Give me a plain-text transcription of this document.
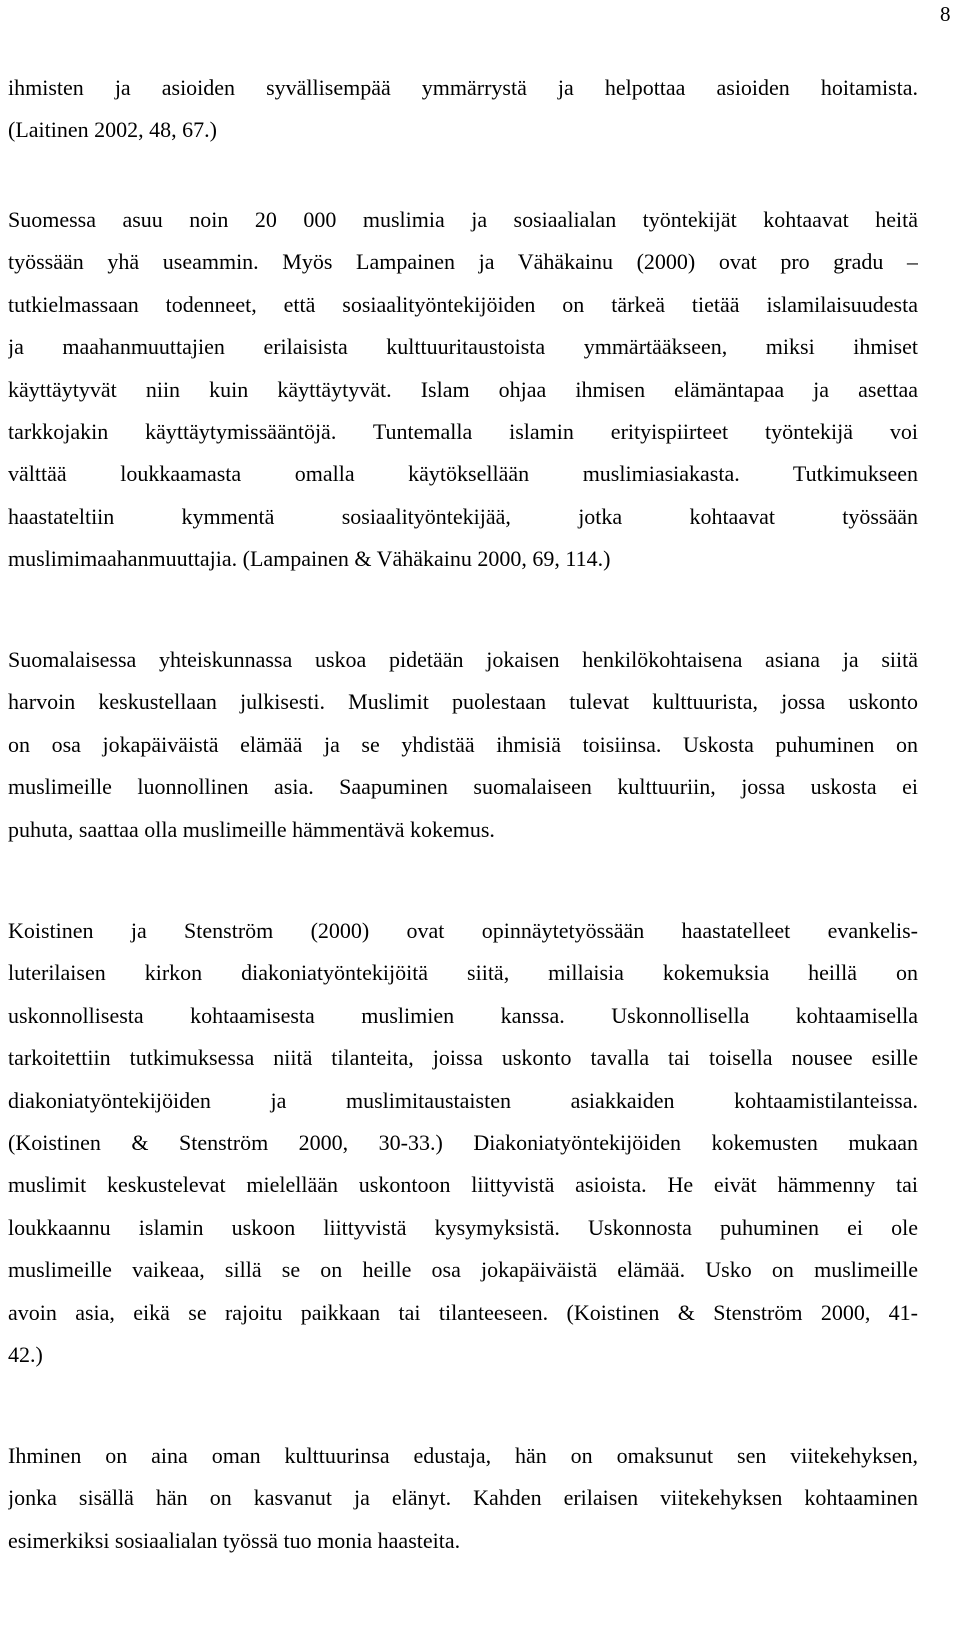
8
ihmisten ja asioiden syvällisempää ymmärrystä ja helpottaa asioiden hoitamista.
(Laitinen 2002, 48, 67.)
Suomessa asuu noin 20 000 muslimia ja sosiaalialan työntekijät kohtaavat heitä
työssään yhä useammin. Myös Lampainen ja Vähäkainu (2000) ovat pro gradu –
tutkielmassaan todenneet, että sosiaalityöntekijöiden on tärkeä tietää islamilaisuudesta
ja maahanmuuttajien erilaisista kulttuuritaustoista ymmärtääkseen, miksi ihmiset
käyttäytyvät niin kuin käyttäytyvät. Islam ohjaa ihmisen elämäntapaa ja asettaa
tarkkojakin käyttäytymissääntöjä. Tuntemalla islamin erityispiirteet työntekijä voi
välttää loukkaamasta omalla käytöksellään muslimiasiakasta. Tutkimukseen
haastateltiin kymmentä sosiaalityöntekijää, jotka kohtaavat työssään
muslimimaahanmuuttajia. (Lampainen & Vähäkainu 2000, 69, 114.)
Suomalaisessa yhteiskunnassa uskoa pidetään jokaisen henkilökohtaisena asiana ja siitä
harvoin keskustellaan julkisesti. Muslimit puolestaan tulevat kulttuurista, jossa uskonto
on osa jokapäiväistä elämää ja se yhdistää ihmisiä toisiinsa. Uskosta puhuminen on
muslimeille luonnollinen asia. Saapuminen suomalaiseen kulttuuriin, jossa uskosta ei
puhuta, saattaa olla muslimeille hämmentävä kokemus.
Koistinen ja Stenström (2000) ovat opinnäytetyössään haastatelleet evankelis-
luterilaisen kirkon diakoniatyöntekijöitä siitä, millaisia kokemuksia heillä on
uskonnollisesta kohtaamisesta muslimien kanssa. Uskonnollisella kohtaamisella
tarkoitettiin tutkimuksessa niitä tilanteita, joissa uskonto tavalla tai toisella nousee esille
diakoniatyöntekijöiden ja muslimitaustaisten asiakkaiden kohtaamistilanteissa.
(Koistinen & Stenström 2000, 30-33.) Diakoniatyöntekijöiden kokemusten mukaan
muslimit keskustelevat mielellään uskontoon liittyvistä asioista. He eivät hämmenny tai
loukkaannu islamin uskoon liittyvistä kysymyksistä. Uskonnosta puhuminen ei ole
muslimeille vaikeaa, sillä se on heille osa jokapäiväistä elämää. Usko on muslimeille
avoin asia, eikä se rajoitu paikkaan tai tilanteeseen. (Koistinen & Stenström 2000, 41-
42.)
Ihminen on aina oman kulttuurinsa edustaja, hän on omaksunut sen viitekehyksen,
jonka sisällä hän on kasvanut ja elänyt. Kahden erilaisen viitekehyksen kohtaaminen
esimerkiksi sosiaalialan työssä tuo monia haasteita.
